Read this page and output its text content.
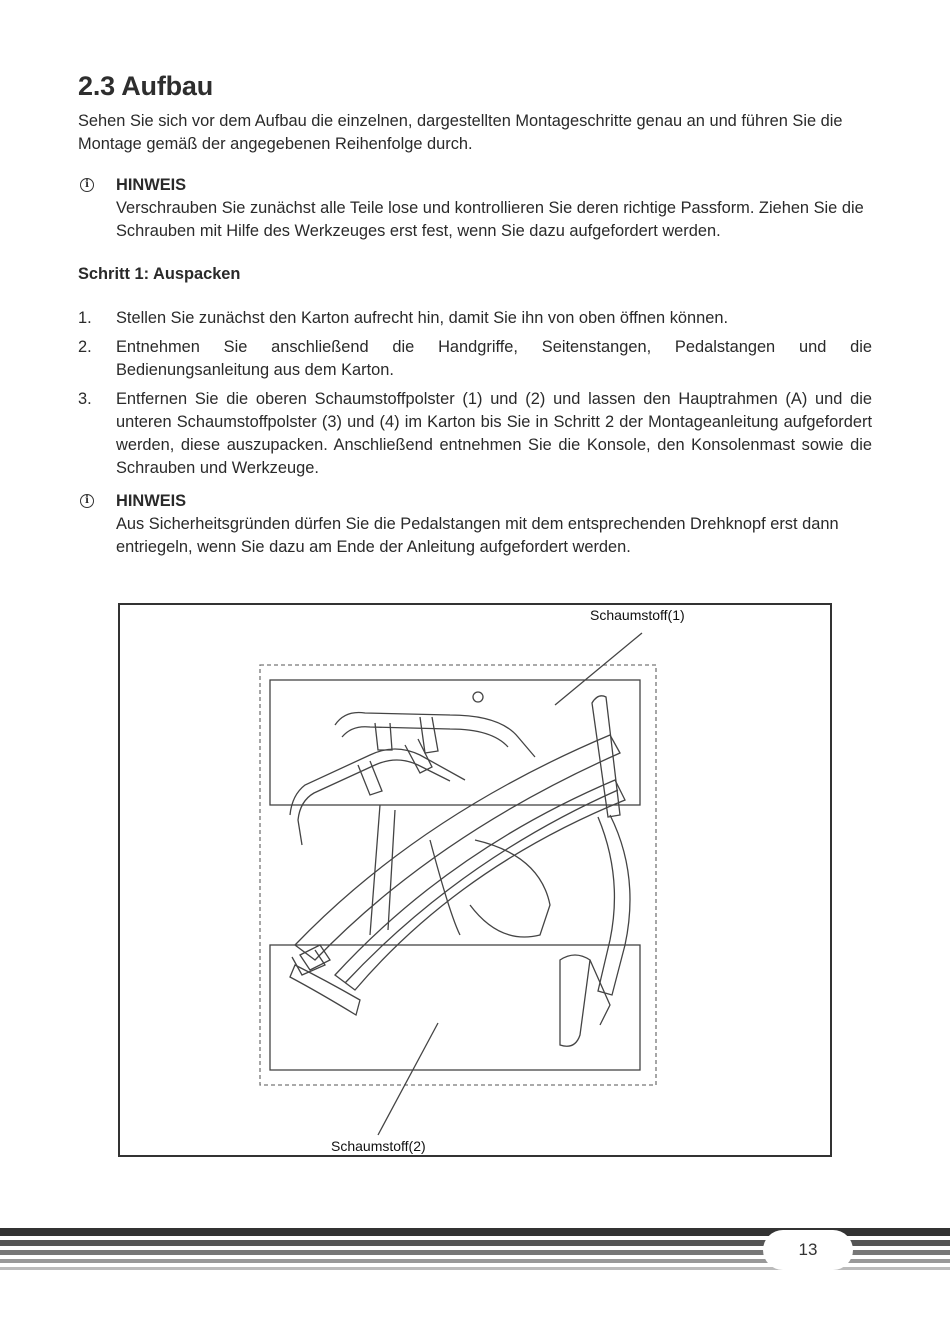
2.3 Aufbau

Sehen Sie sich vor dem Aufbau die einzelnen, dargestellten Montageschritte genau an und führen Sie die Montage gemäß der angegebenen Reihenfolge durch.

i	HINWEIS

Verschrauben Sie zunächst alle Teile lose und kontrollieren Sie deren richtige Passform. Ziehen Sie die Schrauben mit Hilfe des Werkzeuges erst fest, wenn Sie dazu aufgefordert werden.

Schritt 1: Auspacken
1. Stellen Sie zunächst den Karton aufrecht hin, damit Sie ihn von oben öffnen können.
2. Entnehmen Sie anschließend die Handgriffe, Seitenstangen, Pedalstangen und die Bedienungsanleitung aus dem Karton.
3. Entfernen Sie die oberen Schaumstoffpolster (1) und (2) und lassen den Hauptrahmen (A) und die unteren Schaumstoffpolster (3) und (4) im Karton bis Sie in Schritt 2 der Montageanleitung aufgefordert werden, diese auszupacken. Anschließend entnehmen Sie die Konsole, den Konsolenmast sowie die Schrauben und Werkzeuge.
i	HINWEIS

Aus Sicherheitsgründen dürfen Sie die Pedalstangen mit dem entsprechenden Drehknopf erst dann entriegeln, wenn Sie dazu am Ende der Anleitung aufgefordert werden.

Schaumstoff(1)
Schaumstoff(2)
13
